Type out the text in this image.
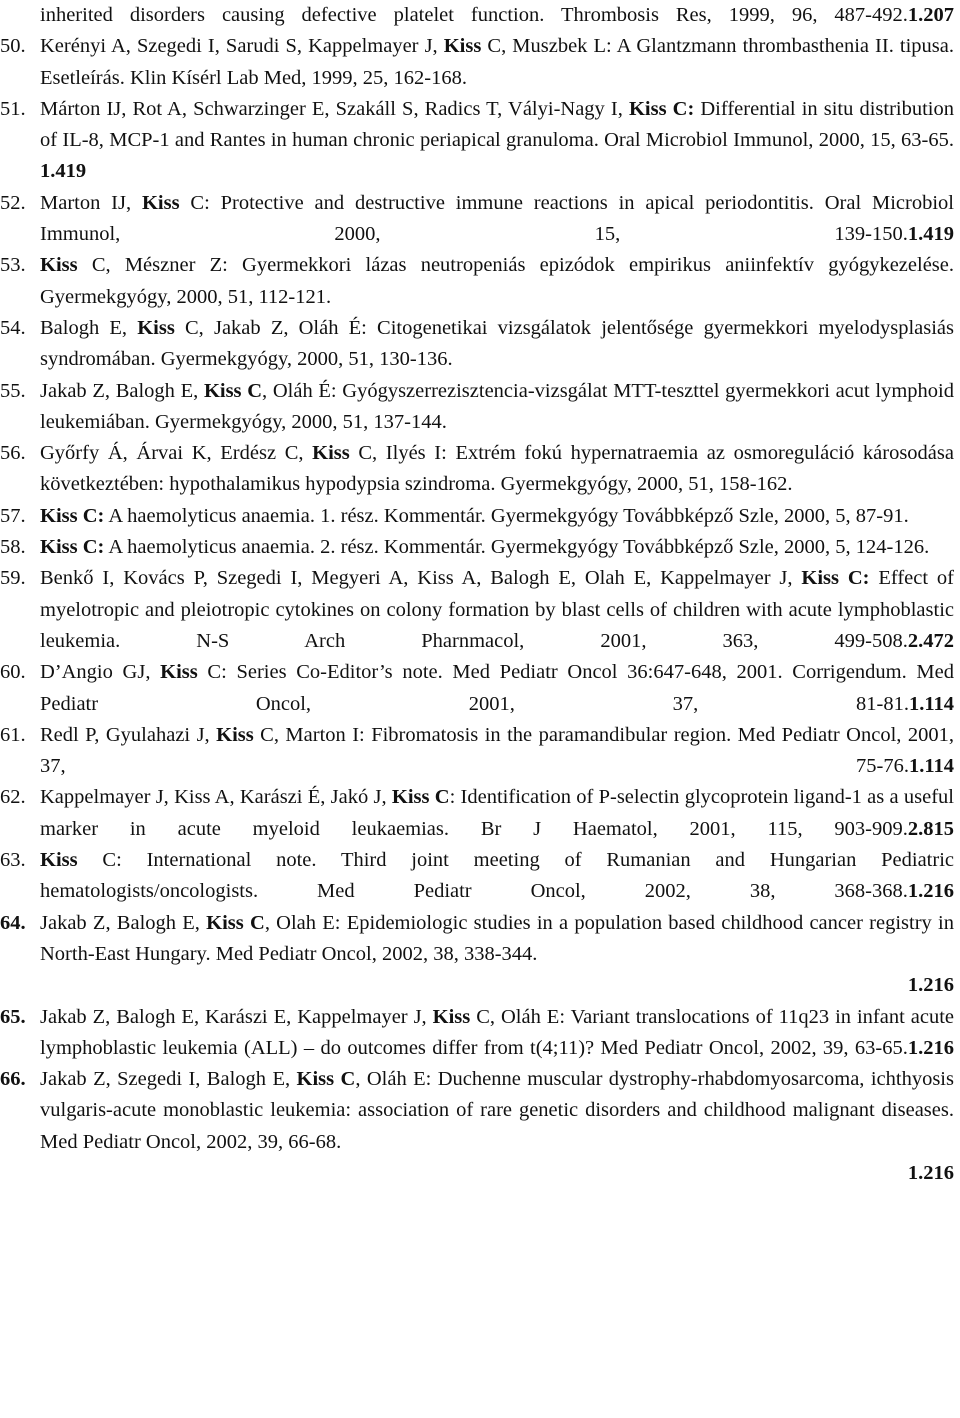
inherited disorders causing defective platelet function. Thrombosis Res, 1999, 96, 487-492.1.207
50. Kerényi A, Szegedi I, Sarudi S, Kappelmayer J, Kiss C, Muszbek L: A Glantzmann thrombasthenia II. tipusa. Esetleírás. Klin Kísérl Lab Med, 1999, 25, 162-168.
51. Márton IJ, Rot A, Schwarzinger E, Szakáll S, Radics T, Vályi-Nagy I, Kiss C: Differential in situ distribution of IL-8, MCP-1 and Rantes in human chronic periapical granuloma. Oral Microbiol Immunol, 2000, 15, 63-65.1.419
52. Marton IJ, Kiss C: Protective and destructive immune reactions in apical periodontitis. Oral Microbiol Immunol, 2000, 15, 139-150.1.419
53. Kiss C, Mészner Z: Gyermekkori lázas neutropeniás epizódok empirikus aniinfektív gyógykezelése. Gyermekgyógy, 2000, 51, 112-121.
54. Balogh E, Kiss C, Jakab Z, Oláh É: Citogenetikai vizsgálatok jelentősége gyermekkori myelodysplasiás syndromában. Gyermekgyógy, 2000, 51, 130-136.
55. Jakab Z, Balogh E, Kiss C, Oláh É: Gyógyszerrezisztencia-vizsgálat MTT-teszttel gyermekkori acut lymphoid leukemiában. Gyermekgyógy, 2000, 51, 137-144.
56. Győrfy Á, Árvai K, Erdész C, Kiss C, Ilyés I: Extrém fokú hypernatraemia az osmoreguláció károsodása következtében: hypothalamikus hypodypsia szindroma. Gyermekgyógy, 2000, 51, 158-162.
57. Kiss C: A haemolyticus anaemia. 1. rész. Kommentár. Gyermekgyógy Továbbképző Szle, 2000, 5, 87-91.
58. Kiss C: A haemolyticus anaemia. 2. rész. Kommentár. Gyermekgyógy Továbbképző Szle, 2000, 5, 124-126.
59. Benkő I, Kovács P, Szegedi I, Megyeri A, Kiss A, Balogh E, Olah E, Kappelmayer J, Kiss C: Effect of myelotropic and pleiotropic cytokines on colony formation by blast cells of children with acute lymphoblastic leukemia. N-S Arch Pharnmacol, 2001, 363, 499-508.2.472
60. D’Angio GJ, Kiss C: Series Co-Editor’s note. Med Pediatr Oncol 36:647-648, 2001. Corrigendum. Med Pediatr Oncol, 2001, 37, 81-81.1.114
61. Redl P, Gyulahazi J, Kiss C, Marton I: Fibromatosis in the paramandibular region. Med Pediatr Oncol, 2001, 37, 75-76.1.114
62. Kappelmayer J, Kiss A, Karászi É, Jakó J, Kiss C: Identification of P-selectin glycoprotein ligand-1 as a useful marker in acute myeloid leukaemias. Br J Haematol, 2001, 115, 903-909.2.815
63. Kiss C: International note. Third joint meeting of Rumanian and Hungarian Pediatric hematologists/oncologists. Med Pediatr Oncol, 2002, 38, 368-368.1.216
64. Jakab Z, Balogh E, Kiss C, Olah E: Epidemiologic studies in a population based childhood cancer registry in North-East Hungary. Med Pediatr Oncol, 2002, 38, 338-344.
1.216
65. Jakab Z, Balogh E, Karászi E, Kappelmayer J, Kiss C, Oláh E: Variant translocations of 11q23 in infant acute lymphoblastic leukemia (ALL) – do outcomes differ from t(4;11)? Med Pediatr Oncol, 2002, 39, 63-65.1.216
66. Jakab Z, Szegedi I, Balogh E, Kiss C, Oláh E: Duchenne muscular dystrophy-rhabdomyosarcoma, ichthyosis vulgaris-acute monoblastic leukemia: association of rare genetic disorders and childhood malignant diseases. Med Pediatr Oncol, 2002, 39, 66-68.
1.216
